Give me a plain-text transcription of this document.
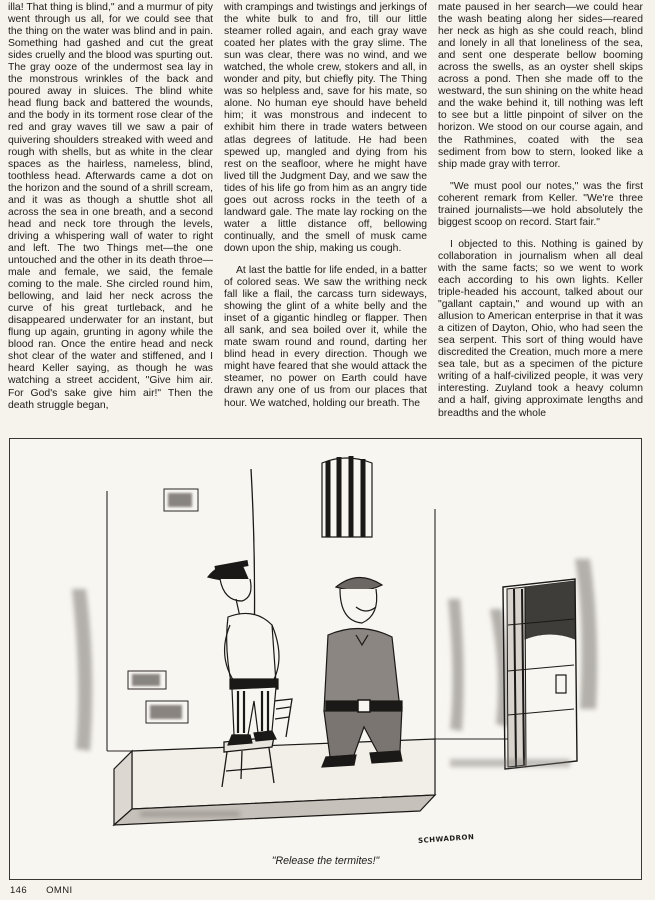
illa! That thing is blind," and a murmur of pity went through us all, for we could see that the thing on the water was blind and in pain. Something had gashed and cut the great sides cruelly and the blood was spurting out. The gray ooze of the undermost sea lay in the monstrous wrinkles of the back and poured away in sluices. The blind white head flung back and battered the wounds, and the body in its torment rose clear of the red and gray waves till we saw a pair of quivering shoulders streaked with weed and rough with shells, but as white in the clear spaces as the hairless, nameless, blind, toothless head. Afterwards came a dot on the horizon and the sound of a shrill scream, and it was as though a shuttle shot all across the sea in one breath, and a second head and neck tore through the levels, driving a whispering wall of water to right and left. The two Things met—the one untouched and the other in its death throe—male and female, we said, the female coming to the male. She circled round him, bellowing, and laid her neck across the curve of his great turtleback, and he disappeared underwater for an instant, but flung up again, grunting in agony while the blood ran. Once the entire head and neck shot clear of the water and stiffened, and I heard Keller saying, as though he was watching a street accident, "Give him air. For God's sake give him air!" Then the death struggle began,

with crampings and twistings and jerkings of the white bulk to and fro, till our little steamer rolled again, and each gray wave coated her plates with the gray slime. The sun was clear, there was no wind, and we watched, the whole crew, stokers and all, in wonder and pity, but chiefly pity. The Thing was so helpless and, save for his mate, so alone. No human eye should have beheld him; it was monstrous and indecent to exhibit him there in trade waters between atlas degrees of latitude. He had been spewed up, mangled and dying from his rest on the seafloor, where he might have lived till the Judgment Day, and we saw the tides of his life go from him as an angry tide goes out across rocks in the teeth of a landward gale. The mate lay rocking on the water a little distance off, bellowing continually, and the smell of musk came down upon the ship, making us cough.

At last the battle for life ended, in a batter of colored seas. We saw the writhing neck fall like a flail, the carcass turn sideways, showing the glint of a white belly and the inset of a gigantic hindleg or flapper. Then all sank, and sea boiled over it, while the mate swam round and round, darting her blind head in every direction. Though we might have feared that she would attack the steamer, no power on Earth could have drawn any one of us from our places that hour. We watched, holding our breath. The

mate paused in her search—we could hear the wash beating along her sides—reared her neck as high as she could reach, blind and lonely in all that loneliness of the sea, and sent one desperate bellow booming across the swells, as an oyster shell skips across a pond. Then she made off to the westward, the sun shining on the white head and the wake behind it, till nothing was left to see but a little pinpoint of silver on the horizon. We stood on our course again, and the Rathmines, coated with the sea sediment from bow to stern, looked like a ship made gray with terror.

"We must pool our notes," was the first coherent remark from Keller. "We're three trained journalists—we hold absolutely the biggest scoop on record. Start fair."

I objected to this. Nothing is gained by collaboration in journalism when all deal with the same facts; so we went to work each according to his own lights. Keller triple-headed his account, talked about our "gallant captain," and wound up with an allusion to American enterprise in that it was a citizen of Dayton, Ohio, who had seen the sea serpent. This sort of thing would have discredited the Creation, much more a mere sea tale, but as a specimen of the picture writing of a half-civilized people, it was very interesting. Zuyland took a heavy column and a half, giving approximate lengths and breadths and the whole

SCHWADRON
"Release the termites!"
146 OMNI
